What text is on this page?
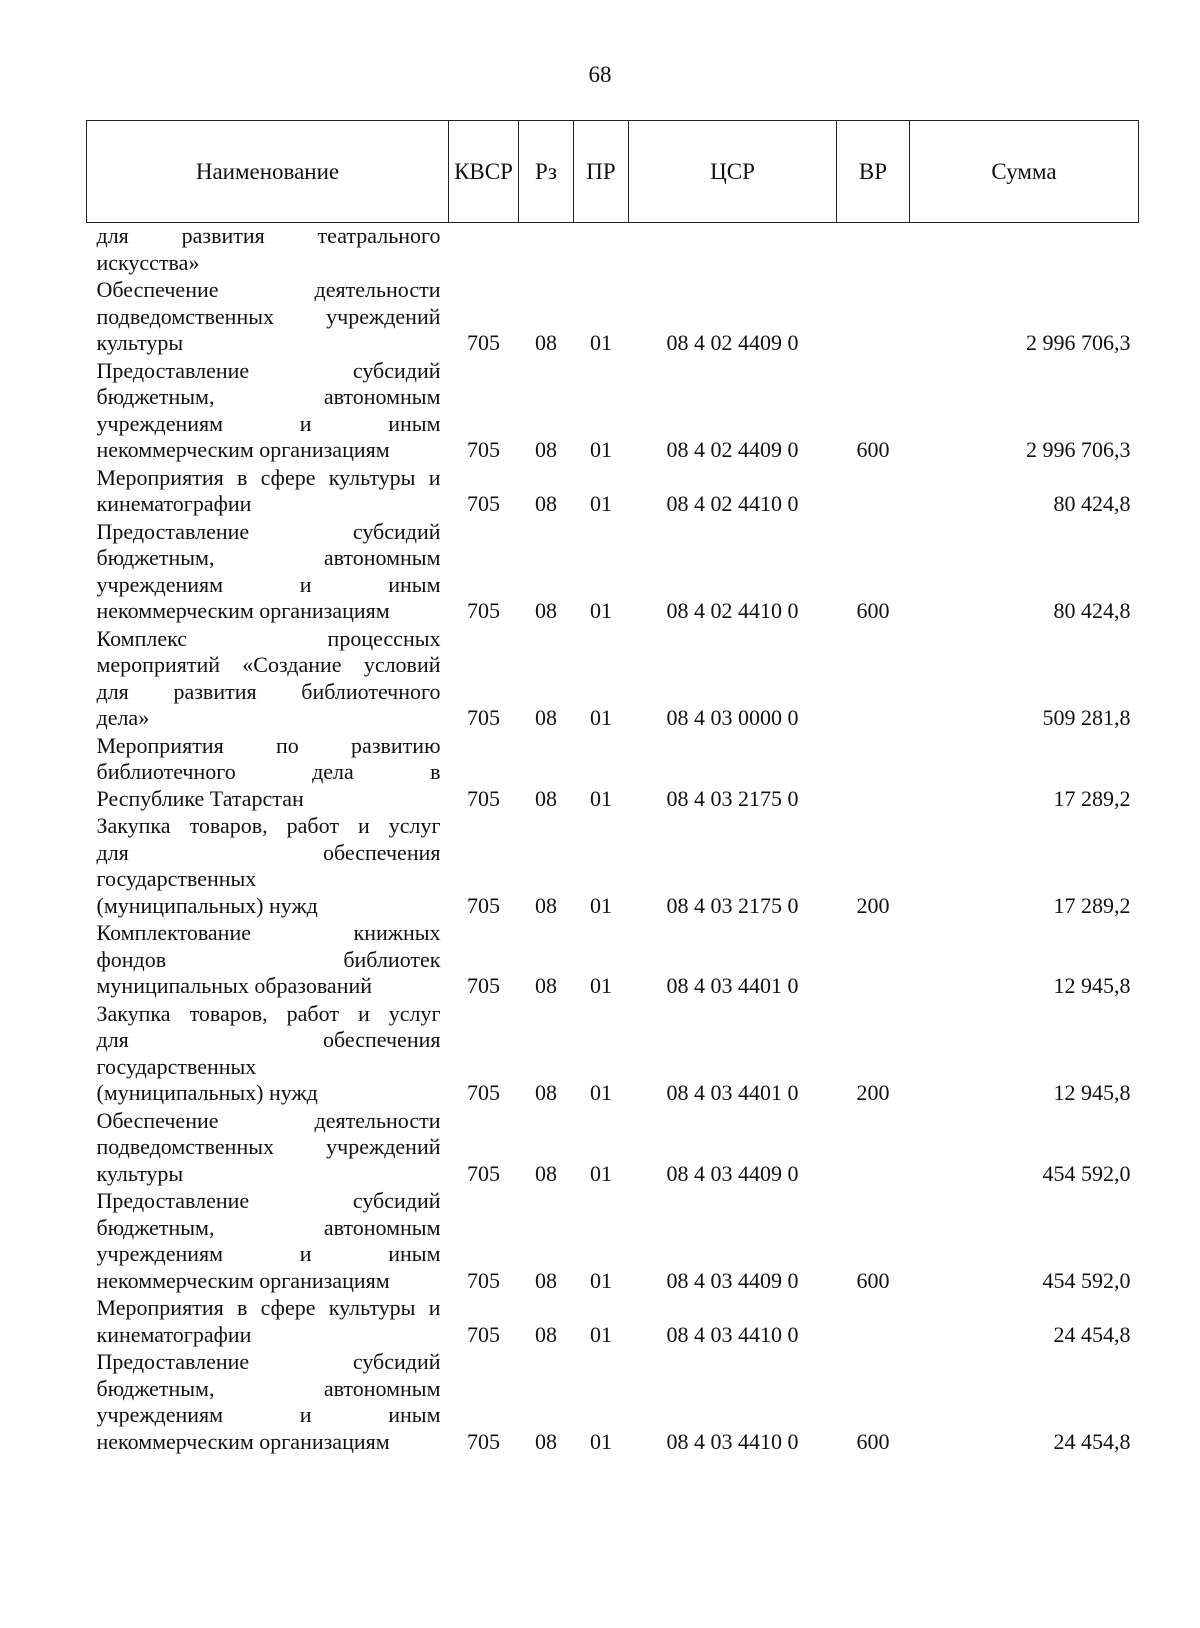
68
Наименование	КВСР	Рз	ПР	ЦСР	ВР	Сумма

для развития театрального
искусства»						

Обеспечение деятельности
подведомственных учреждений
культуры	705	08	01	08 4 02 4409 0		2 996 706,3

Предоставление субсидий
бюджетным, автономным
учреждениям и иным
некоммерческим организациям	705	08	01	08 4 02 4409 0	600	2 996 706,3

Мероприятия в сфере культуры и
кинематографии	705	08	01	08 4 02 4410 0		80 424,8

Предоставление субсидий
бюджетным, автономным
учреждениям и иным
некоммерческим организациям	705	08	01	08 4 02 4410 0	600	80 424,8

Комплекс процессных
мероприятий «Создание условий
для развития библиотечного
дела»	705	08	01	08 4 03 0000 0		509 281,8

Мероприятия по развитию
библиотечного дела в
Республике Татарстан	705	08	01	08 4 03 2175 0		17 289,2

Закупка товаров, работ и услуг
для обеспечения
государственных
(муниципальных) нужд	705	08	01	08 4 03 2175 0	200	17 289,2

Комплектование книжных
фондов библиотек
муниципальных образований	705	08	01	08 4 03 4401 0		12 945,8

Закупка товаров, работ и услуг
для обеспечения
государственных
(муниципальных) нужд	705	08	01	08 4 03 4401 0	200	12 945,8

Обеспечение деятельности
подведомственных учреждений
культуры	705	08	01	08 4 03 4409 0		454 592,0

Предоставление субсидий
бюджетным, автономным
учреждениям и иным
некоммерческим организациям	705	08	01	08 4 03 4409 0	600	454 592,0

Мероприятия в сфере культуры и
кинематографии	705	08	01	08 4 03 4410 0		24 454,8

Предоставление субсидий
бюджетным, автономным
учреждениям и иным
некоммерческим организациям	705	08	01	08 4 03 4410 0	600	24 454,8
